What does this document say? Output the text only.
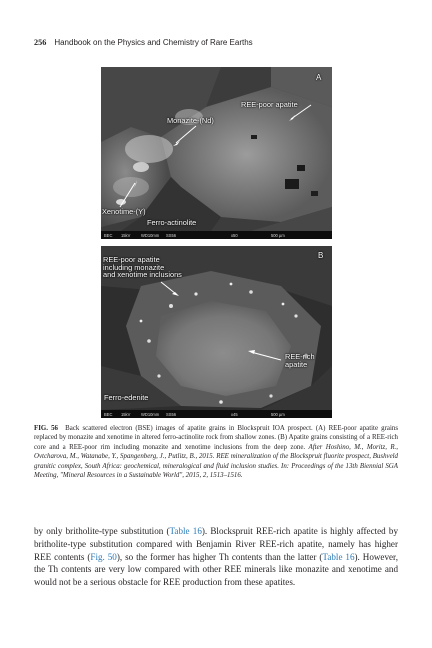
256 Handbook on the Physics and Chemistry of Rare Earths
A
REE-poor apatite
Monazite-(Nd)
Xenotime-(Y)
Ferro-actinolite
BEC 15kV	WD10mm SS56	x50	500 µm
B
REE-poor apatite
including monazite
and xenotime inclusions
REE-rich
apatite
Ferro-edenite
BEC 15kV	WD10mm SS56	x45	500 µm
FIG. 56 Back scattered electron (BSE) images of apatite grains in Blockspruit IOA prospect. (A) REE-poor apatite grains replaced by monazite and xenotime in altered ferro-actinolite rock from shallow zones. (B) Apatite grains consisting of a REE-rich core and a REE-poor rim including monazite and xenotime inclusions from the deep zone. After Hoshino, M., Moritz, R., Ovtcharova, M., Watanabe, Y., Spangenberg, J., Putlitz, B., 2015. REE mineralization of the Blockspruit fluorite prospect, Bushveld granitic complex, South Africa: geochemical, mineralogical and fluid inclusion studies. In: Proceedings of the 13th Biennial SGA Meeting, "Mineral Resources in a Sustainable World", 2015, 2, 1513–1516.
by only britholite-type substitution (Table 16). Blockspruit REE-rich apatite is highly affected by britholite-type substitution compared with Benjamin River REE-rich apatite, namely has higher REE contents (Fig. 50), so the former has higher Th contents than the latter (Table 16). However, the Th contents are very low compared with other REE minerals like monazite and xenotime and would not be a serious obstacle for REE production from these apatites.
